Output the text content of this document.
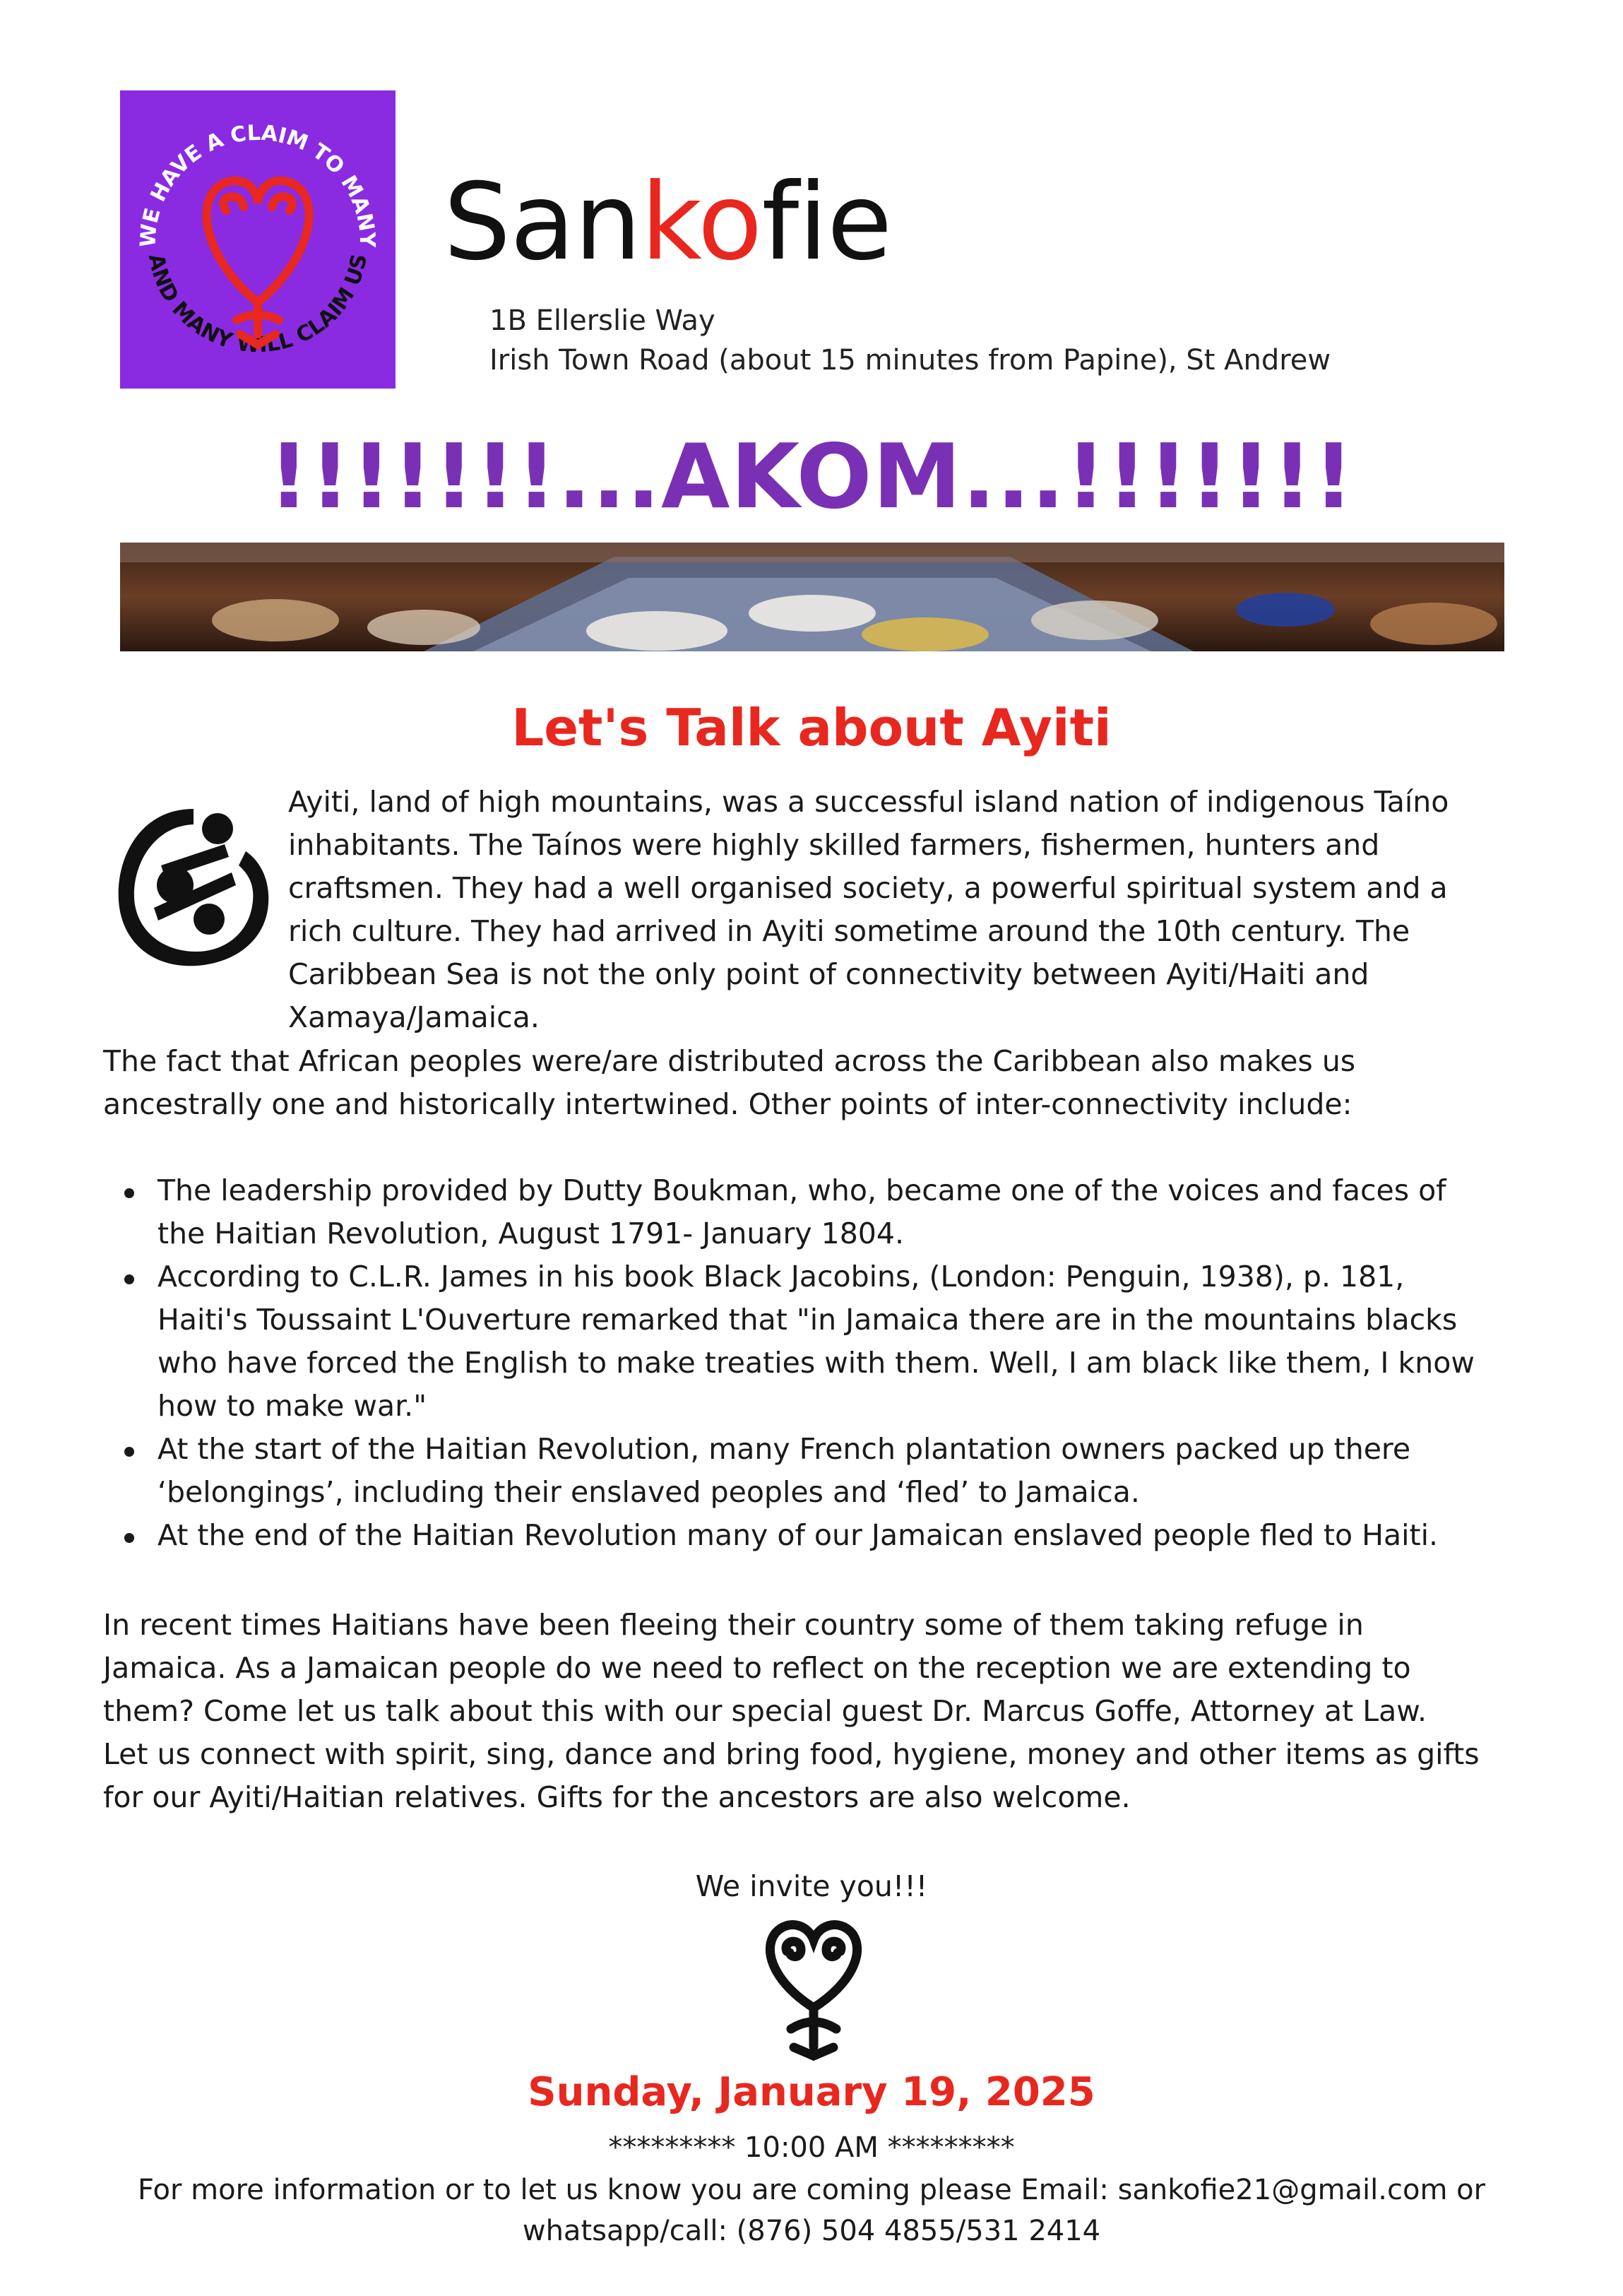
WE HAVE A CLAIM TO MANY
AND MANY WILL CLAIM US Sankofie
1B Ellerslie Way
Irish Town Road (about 15 minutes from Papine), St Andrew
!!!!!!!...AKOM...!!!!!!!
Let's Talk about Ayiti
Ayiti, land of high mountains, was a successful island nation of indigenous Taíno
inhabitants. The Taínos were highly skilled farmers, fishermen, hunters and
craftsmen. They had a well organised society, a powerful spiritual system and a
rich culture. They had arrived in Ayiti sometime around the 10th century. The
Caribbean Sea is not the only point of connectivity between Ayiti/Haiti and
Xamaya/Jamaica.
The fact that African peoples were/are distributed across the Caribbean also makes us
ancestrally one and historically intertwined. Other points of inter-connectivity include:
The leadership provided by Dutty Boukman, who, became one of the voices and faces of
the Haitian Revolution, August 1791- January 1804.
According to C.L.R. James in his book Black Jacobins, (London: Penguin, 1938), p. 181,
Haiti's Toussaint L'Ouverture remarked that "in Jamaica there are in the mountains blacks
who have forced the English to make treaties with them. Well, I am black like them, I know
how to make war."
At the start of the Haitian Revolution, many French plantation owners packed up there
‘belongings’, including their enslaved peoples and ‘fled’ to Jamaica.
At the end of the Haitian Revolution many of our Jamaican enslaved people fled to Haiti.
In recent times Haitians have been fleeing their country some of them taking refuge in
Jamaica. As a Jamaican people do we need to reflect on the reception we are extending to
them? Come let us talk about this with our special guest Dr. Marcus Goffe, Attorney at Law.
Let us connect with spirit, sing, dance and bring food, hygiene, money and other items as gifts
for our Ayiti/Haitian relatives. Gifts for the ancestors are also welcome.
We invite you!!!
Sunday, January 19, 2025
********* 10:00 AM *********
For more information or to let us know you are coming please Email: sankofie21@gmail.com or
whatsapp/call: (876) 504 4855/531 2414
